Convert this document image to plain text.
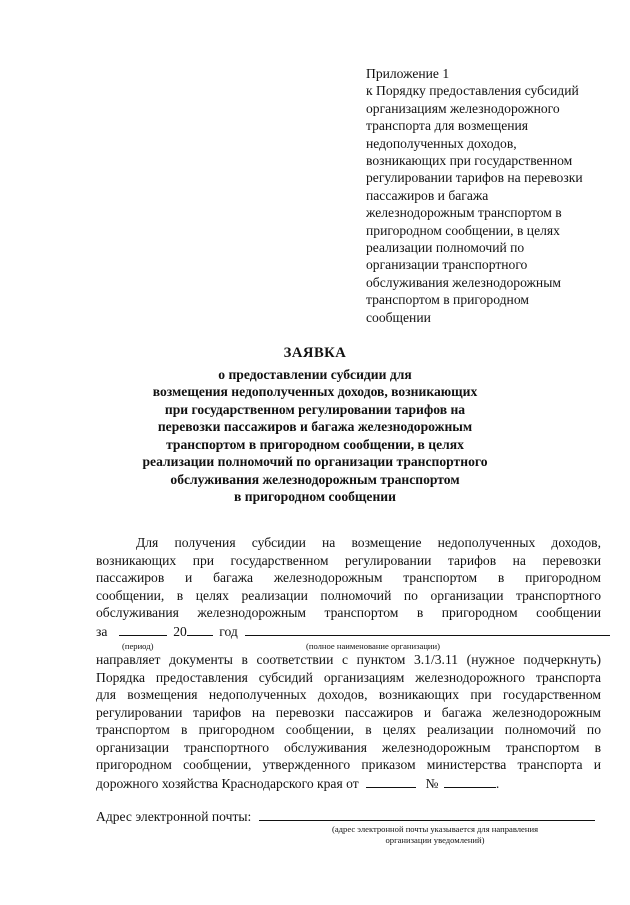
Приложение 1
к Порядку предоставления субсидий
организациям железнодорожного
транспорта для возмещения
недополученных доходов,
возникающих при государственном
регулировании тарифов на перевозки
пассажиров и багажа
железнодорожным транспортом в
пригородном сообщении, в целях
реализации полномочий по
организации транспортного
обслуживания железнодорожным
транспортом в пригородном
сообщении
ЗАЯВКА
о предоставлении субсидии для
возмещения недополученных доходов, возникающих
при государственном регулировании тарифов на
перевозки пассажиров и багажа железнодорожным
транспортом в пригородном сообщении, в целях
реализации полномочий по организации транспортного
обслуживания железнодорожным транспортом
в пригородном сообщении
Для получения субсидии на возмещение недополученных доходов,
возникающих при государственном регулировании тарифов на перевозки
пассажиров и багажа железнодорожным транспортом в пригородном
сообщении, в целях реализации полномочий по организации транспортного
обслуживания железнодорожным транспортом в пригородном сообщении
за	20 год
(период)	(полное наименование организации)
направляет документы в соответствии с пунктом 3.1/3.11 (нужное подчеркнуть)
Порядка предоставления субсидий организациям железнодорожного транспорта
для возмещения недополученных доходов, возникающих при государственном
регулировании тарифов на перевозки пассажиров и багажа железнодорожным
транспортом в пригородном сообщении, в целях реализации полномочий по
организации транспортного обслуживания железнодорожным транспортом в
пригородном сообщении, утвержденного приказом министерства транспорта и
дорожного хозяйства Краснодарского края от	№	.
Адрес электронной почты:
(адрес электронной почты указывается для направления
организации уведомлений)
